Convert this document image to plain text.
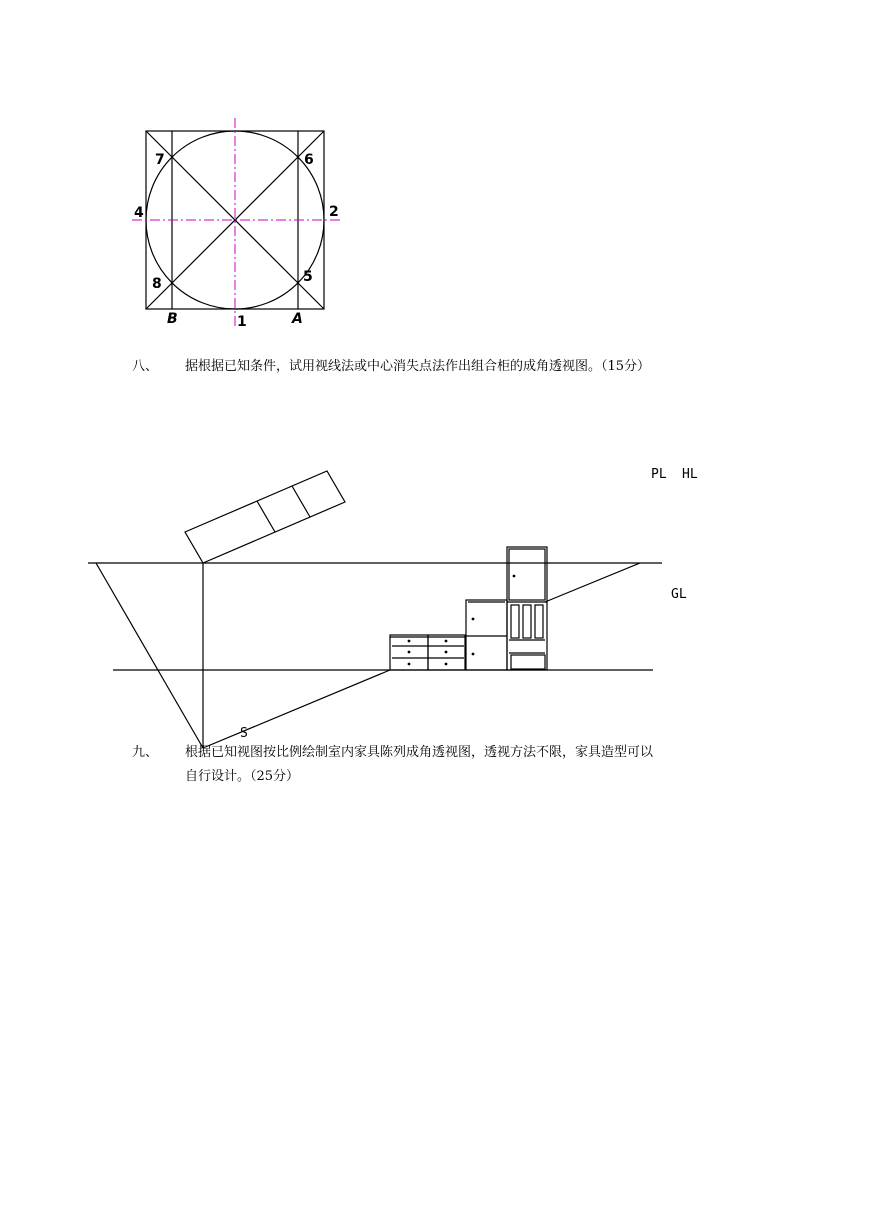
7	6
4	2
8	5
B	1	A
PL HL
GL
S
八、 据根据已知条件，试用视线法或中心消失点法作出组合柜的成角透视图。（15分）
九、 根据已知视图按比例绘制室内家具陈列成角透视图，透视方法不限，家具造型可以
自行设计。（25分）
